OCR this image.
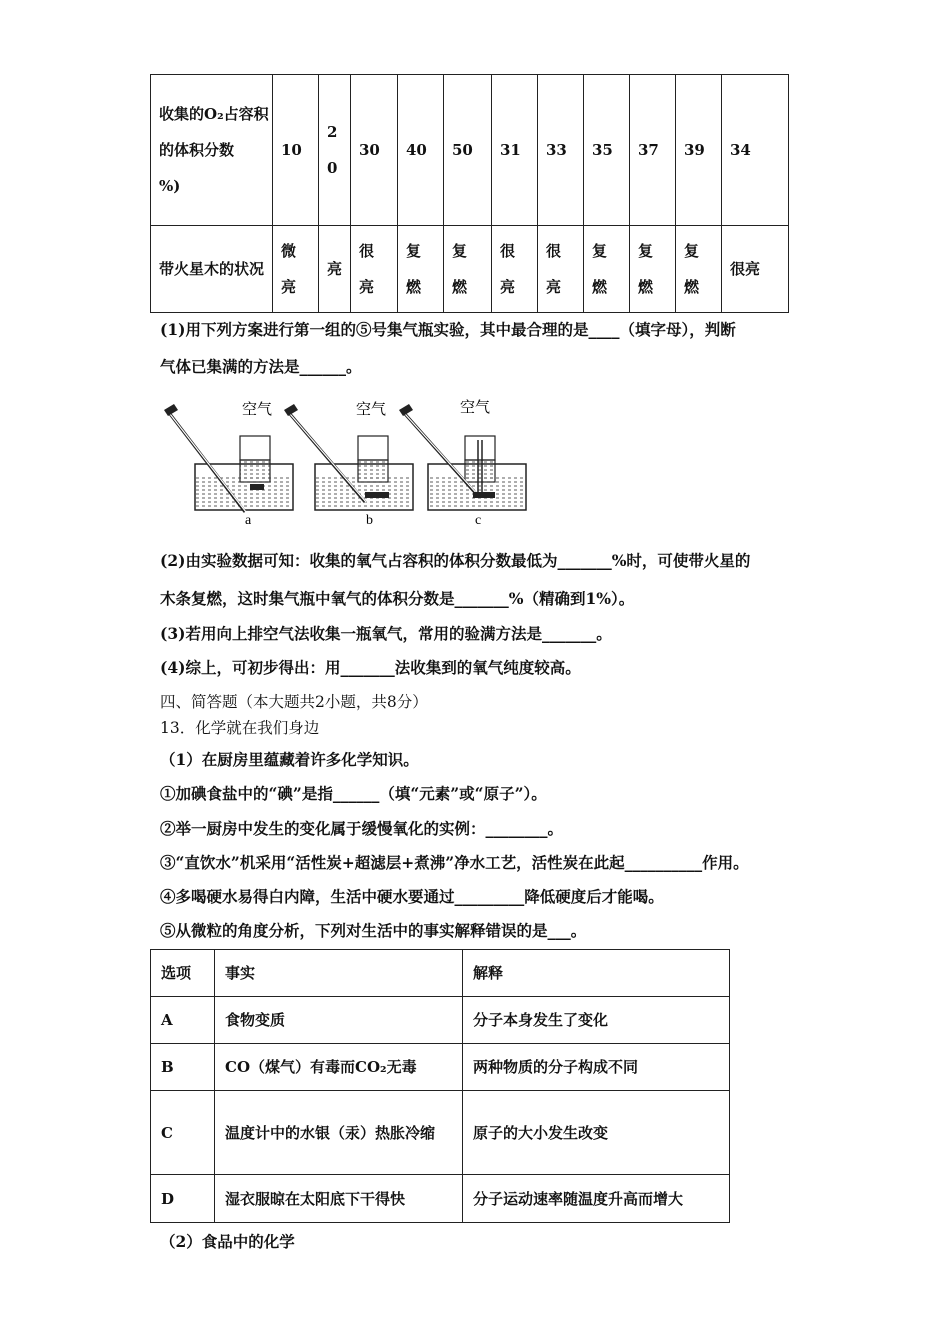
收集的O₂占容积
的体积分数
%)	10	20	30	40	50	31	33	35	37	39	34
带火星木的状况	微亮	亮	很亮	复燃	复燃	很亮	很亮	复燃	复燃	复燃	很亮
(1)用下列方案进行第一组的⑤号集气瓶实验，其中最合理的是____（填字母），判断
气体已集满的方法是______。
空气
a
空气
b
空气
c
(2)由实验数据可知：收集的氧气占容积的体积分数最低为_______%时，可使带火星的
木条复燃，这时集气瓶中氧气的体积分数是_______%（精确到1%）。
(3)若用向上排空气法收集一瓶氧气，常用的验满方法是_______。
(4)综上，可初步得出：用_______法收集到的氧气纯度较高。
四、简答题（本大题共2小题，共8分）
13．化学就在我们身边
（1）在厨房里蕴藏着许多化学知识。
①加碘食盐中的“碘”是指______（填“元素”或“原子”）。
②举一厨房中发生的变化属于缓慢氧化的实例：________。
③“直饮水”机采用“活性炭+超滤层+煮沸”净水工艺，活性炭在此起__________作用。
④多喝硬水易得白内障，生活中硬水要通过_________降低硬度后才能喝。
⑤从微粒的角度分析，下列对生活中的事实解释错误的是___。
选项	事实	解释
A	食物变质	分子本身发生了变化
B	CO（煤气）有毒而CO₂无毒	两种物质的分子构成不同
C	温度计中的水银（汞）热胀冷缩	原子的大小发生改变
D	湿衣服晾在太阳底下干得快	分子运动速率随温度升高而增大
（2）食品中的化学
